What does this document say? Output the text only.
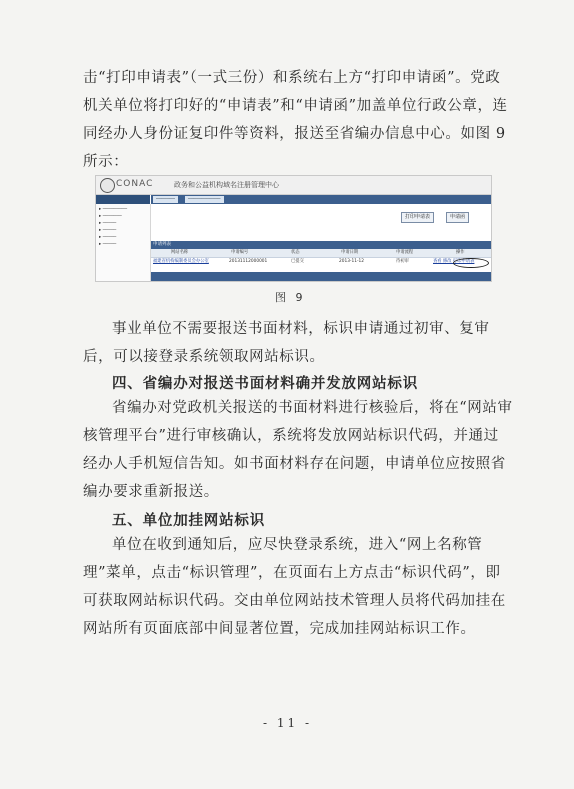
击“打印申请表”（一式三份）和系统右上方“打印申请函”。党政机关单位将打印好的“申请表”和“申请函”加盖单位行政公章，连同经办人身份证复印件等资料，报送至省编办信息中心。如图 9 所示：

CONAC	政务和公益机构域名注册管理中心
▸ ─────────
▸ ───────
▸ ─────
▸ ─────
▸ ─────
▸ ─────
───────	────────────
打印申请表	申请函
申请列表
网站名称	申请编号	状态	申请日期	申请流程	操作
福建省机构编制委员会办公室	20131112000001	已提交	2013-11-12	待初审	查看 修改 打印申请表
图 9

事业单位不需要报送书面材料，标识申请通过初审、复审后，可以接登录系统领取网站标识。

四、省编办对报送书面材料确并发放网站标识

省编办对党政机关报送的书面材料进行核验后，将在“网站审核管理平台”进行审核确认，系统将发放网站标识代码，并通过经办人手机短信告知。如书面材料存在问题，申请单位应按照省编办要求重新报送。

五、单位加挂网站标识

单位在收到通知后，应尽快登录系统，进入“网上名称管理”菜单，点击“标识管理”，在页面右上方点击“标识代码”，即可获取网站标识代码。交由单位网站技术管理人员将代码加挂在网站所有页面底部中间显著位置，完成加挂网站标识工作。

- 11 -
